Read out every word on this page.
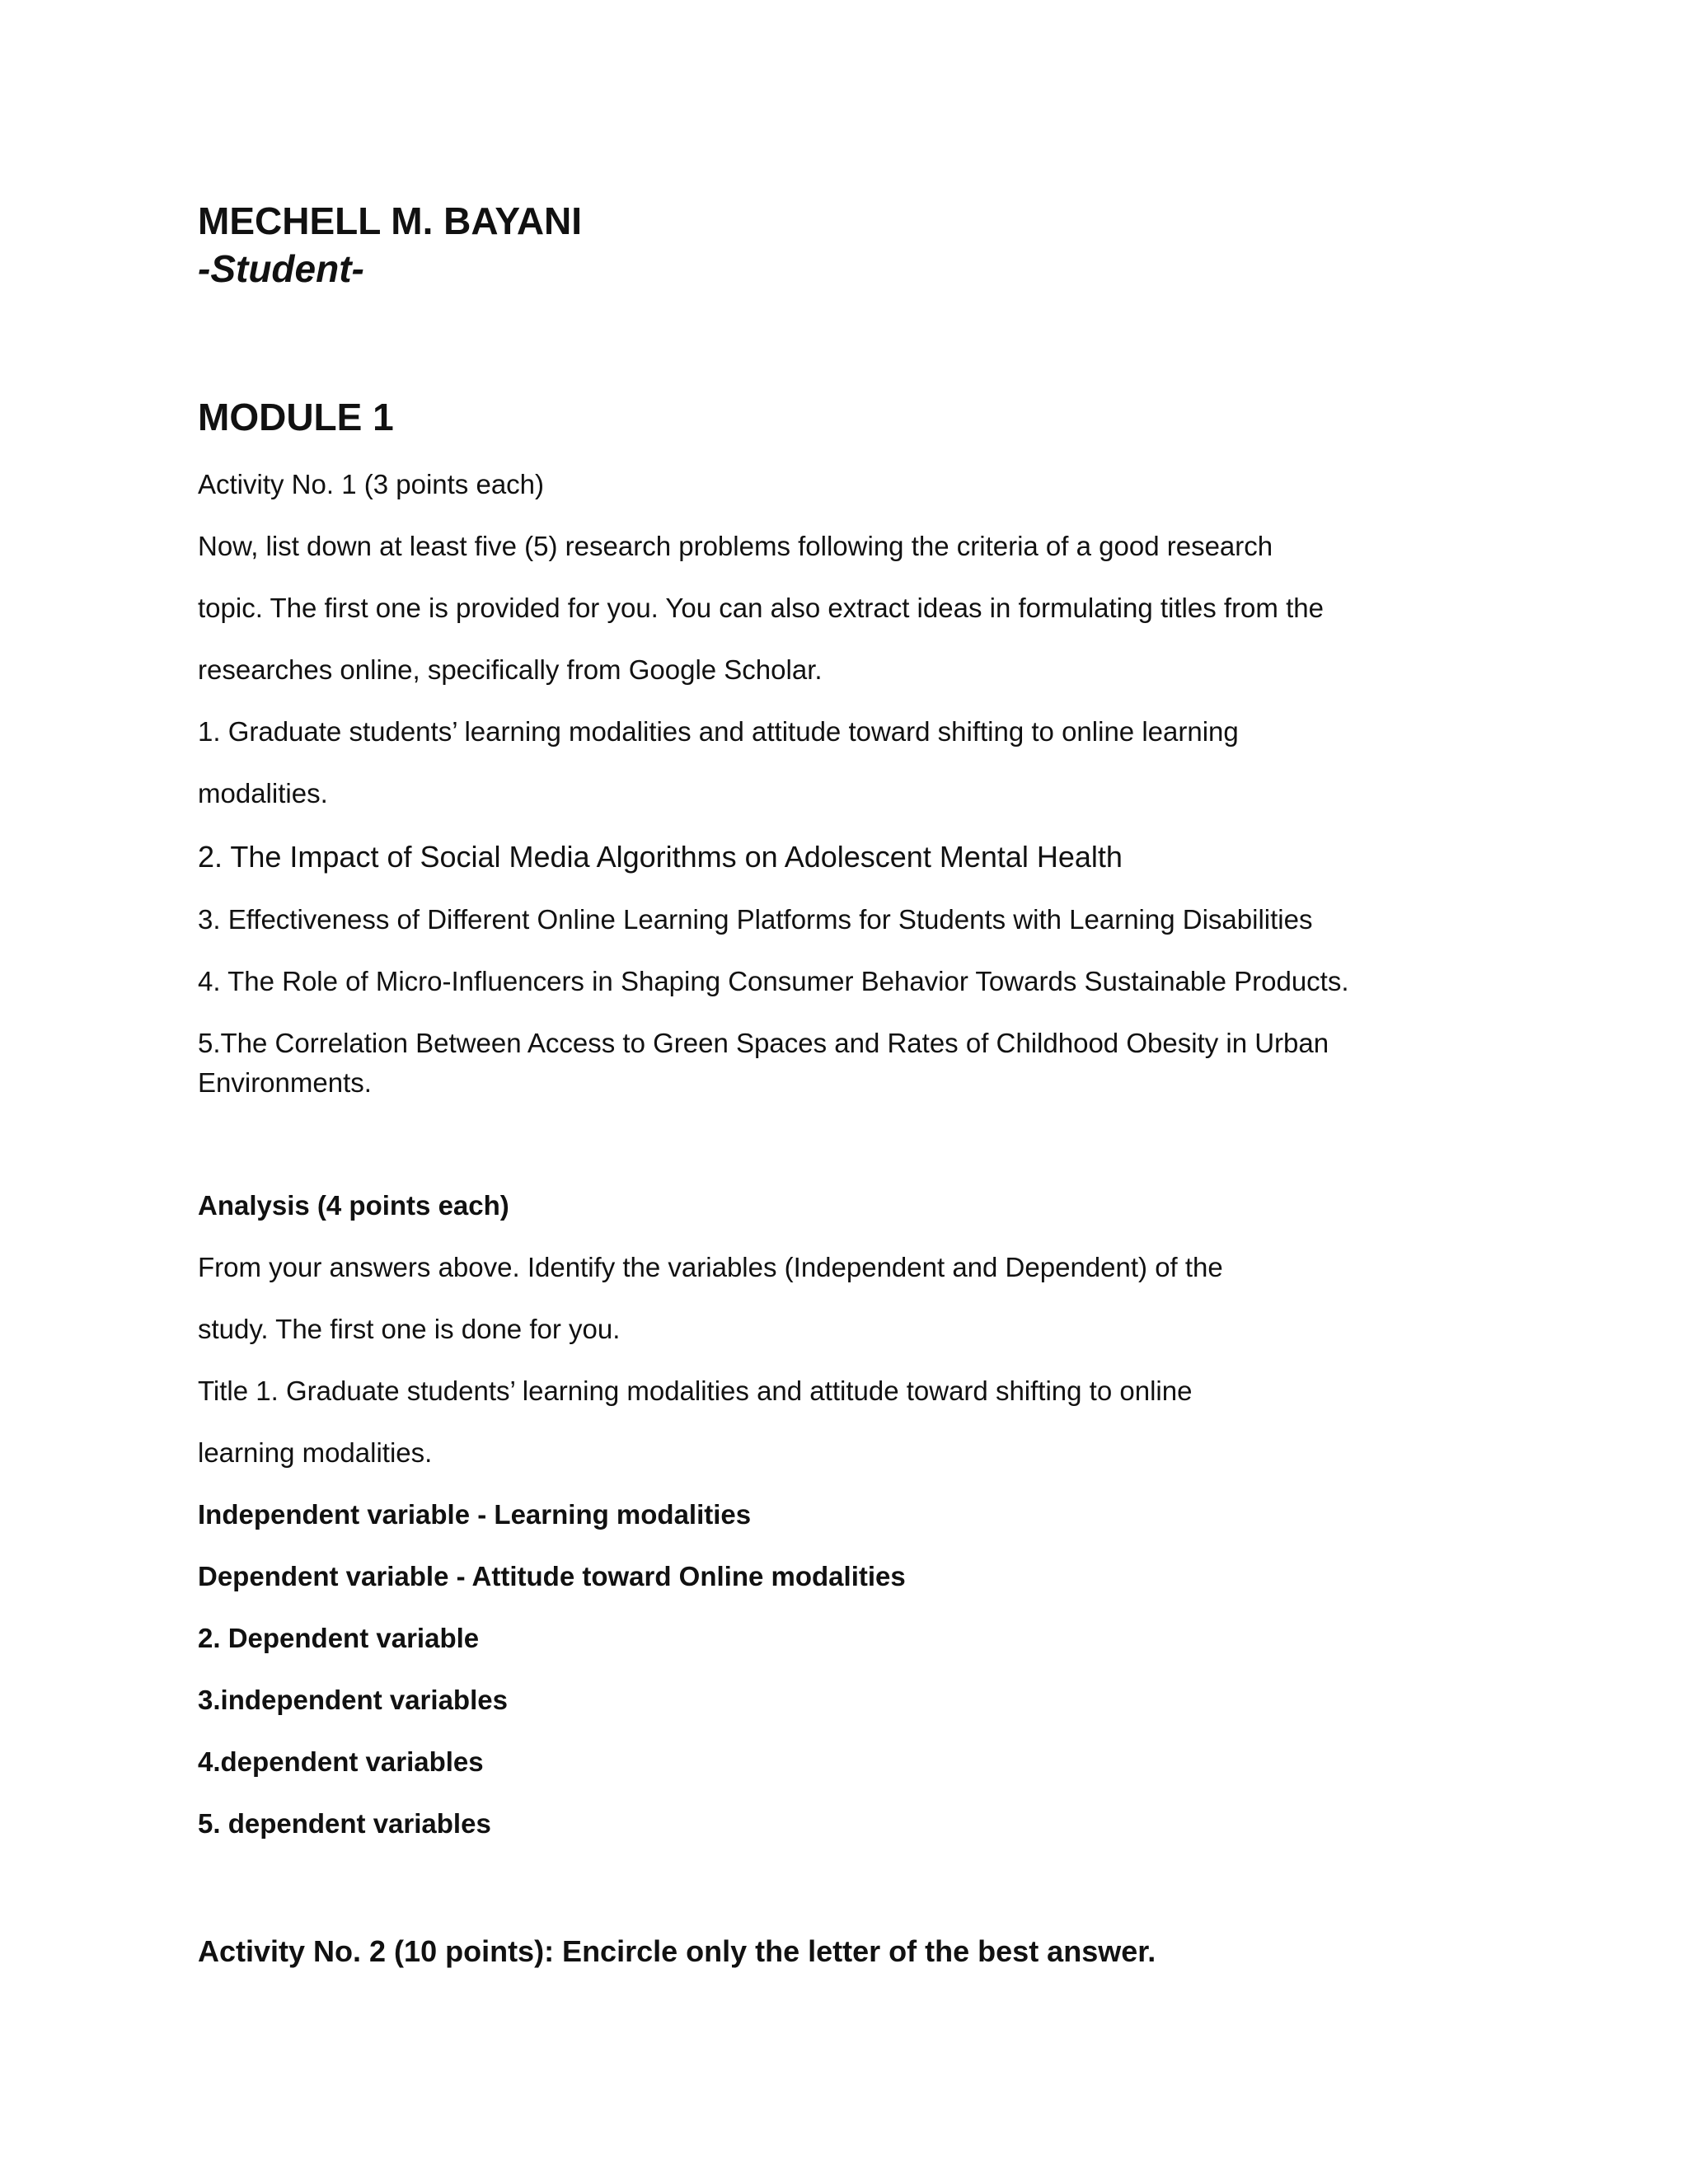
MECHELL M. BAYANI
-Student-
MODULE 1
Activity No. 1 (3 points each)
Now, list down at least five (5) research problems following the criteria of a good research
topic. The first one is provided for you. You can also extract ideas in formulating titles from the
researches online, specifically from Google Scholar.
1. Graduate students’ learning modalities and attitude toward shifting to online learning
modalities.
2. The Impact of Social Media Algorithms on Adolescent Mental Health
3. Effectiveness of Different Online Learning Platforms for Students with Learning Disabilities
4. The Role of Micro-Influencers in Shaping Consumer Behavior Towards Sustainable Products.
5.The Correlation Between Access to Green Spaces and Rates of Childhood Obesity in Urban
Environments.
Analysis (4 points each)
From your answers above. Identify the variables (Independent and Dependent) of the
study. The first one is done for you.
Title 1. Graduate students’ learning modalities and attitude toward shifting to online
learning modalities.
Independent variable - Learning modalities
Dependent variable - Attitude toward Online modalities
2. Dependent variable
3.independent variables
4.dependent variables
5. dependent variables
Activity No. 2 (10 points): Encircle only the letter of the best answer.
